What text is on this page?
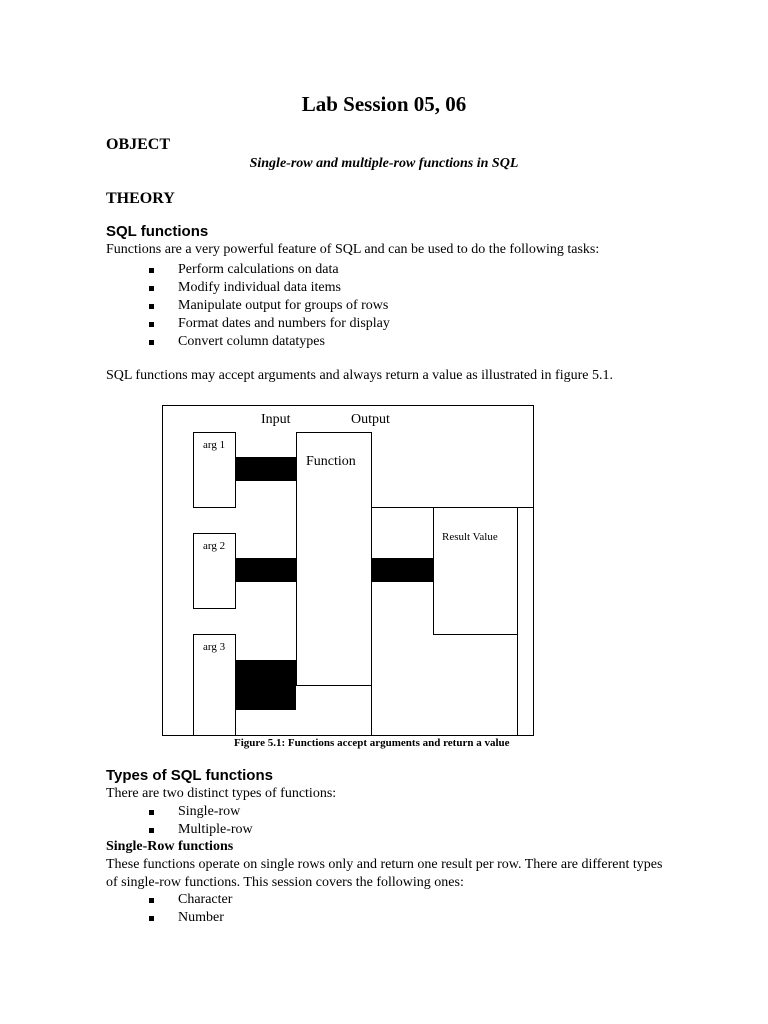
Lab Session 05, 06
OBJECT
Single-row and multiple-row functions in SQL
THEORY
SQL functions
Functions are a very powerful feature of SQL and can be used to do the following tasks:
Perform calculations on data
Modify individual data items
Manipulate output for groups of rows
Format dates and numbers for display
Convert column datatypes
SQL functions may accept arguments and always return a value as illustrated in figure 5.1.
Input	Output
arg 1
arg 2
arg 3
Function
Result Value
Figure 5.1: Functions accept arguments and return a value
Types of SQL functions
There are two distinct types of functions:
Single-row
Multiple-row
Single-Row functions
These functions operate on single rows only and return one result per row. There are different types
of single-row functions. This session covers the following ones:
Character
Number
